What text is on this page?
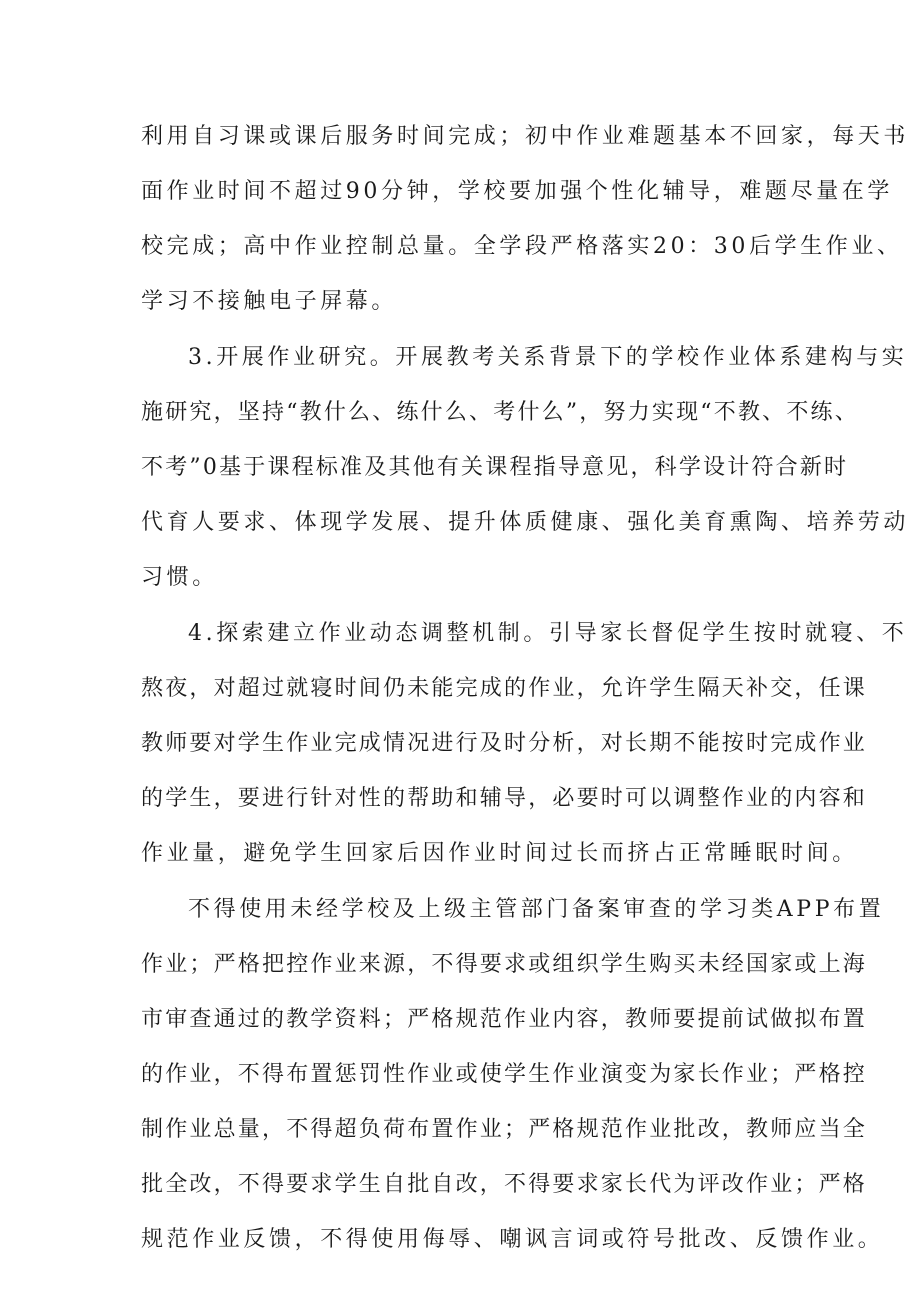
利用自习课或课后服务时间完成；初中作业难题基本不回家，每天书
面作业时间不超过90分钟，学校要加强个性化辅导，难题尽量在学
校完成；高中作业控制总量。全学段严格落实20：30后学生作业、
学习不接触电子屏幕。
3.开展作业研究。开展教考关系背景下的学校作业体系建构与实
施研究，坚持“教什么、练什么、考什么”，努力实现“不教、不练、
不考”0基于课程标准及其他有关课程指导意见，科学设计符合新时
代育人要求、体现学发展、提升体质健康、强化美育熏陶、培养劳动
习惯。
4.探索建立作业动态调整机制。引导家长督促学生按时就寝、不
熬夜，对超过就寝时间仍未能完成的作业，允许学生隔天补交，任课
教师要对学生作业完成情况进行及时分析，对长期不能按时完成作业
的学生，要进行针对性的帮助和辅导，必要时可以调整作业的内容和
作业量，避免学生回家后因作业时间过长而挤占正常睡眠时间。
不得使用未经学校及上级主管部门备案审查的学习类APP布置
作业；严格把控作业来源，不得要求或组织学生购买未经国家或上海
市审查通过的教学资料；严格规范作业内容，教师要提前试做拟布置
的作业，不得布置惩罚性作业或使学生作业演变为家长作业；严格控
制作业总量，不得超负荷布置作业；严格规范作业批改，教师应当全
批全改，不得要求学生自批自改，不得要求家长代为评改作业；严格
规范作业反馈，不得使用侮辱、嘲讽言词或符号批改、反馈作业。
